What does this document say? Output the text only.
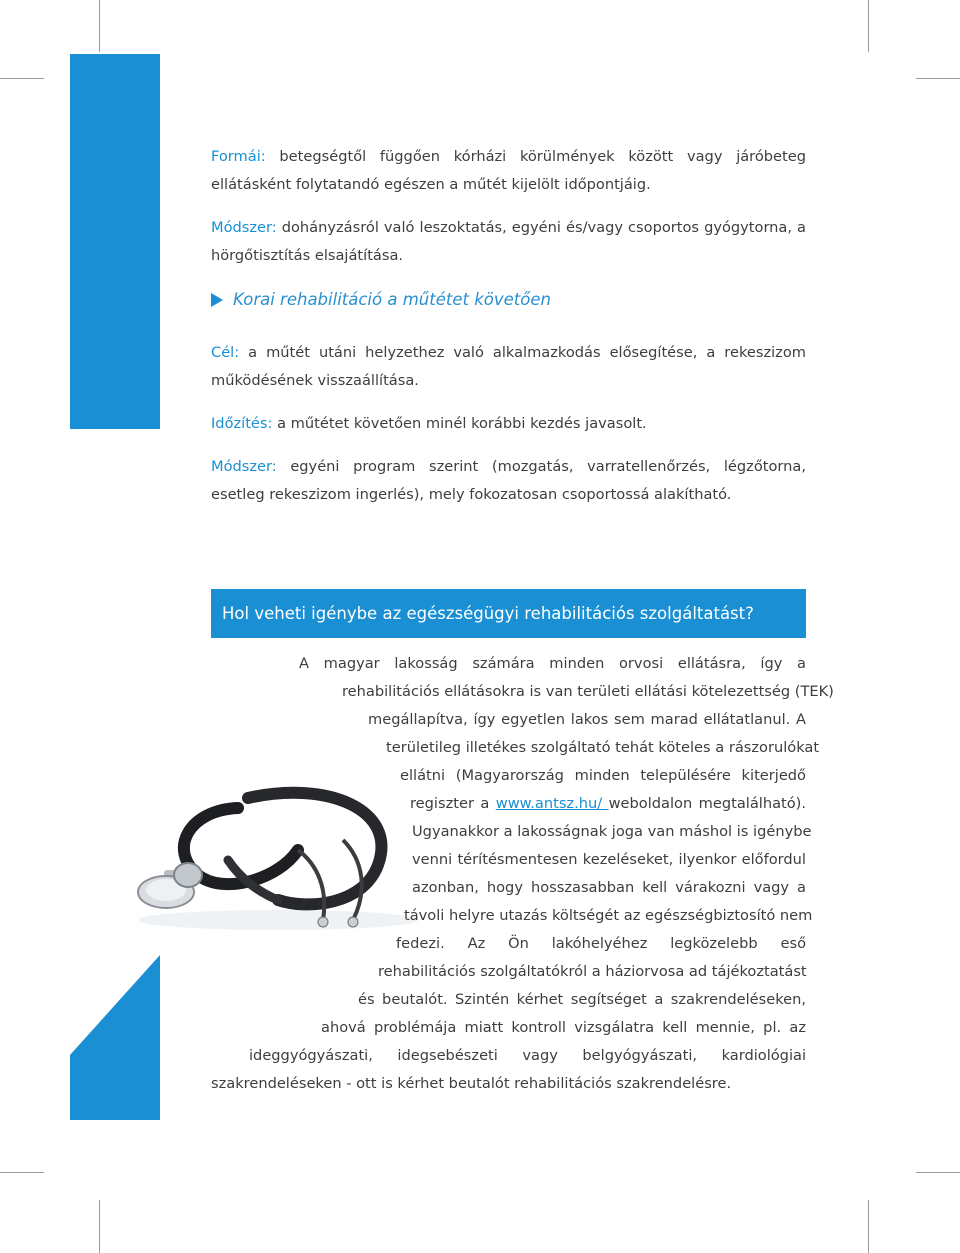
19

Formái: betegségtől függően kórházi körülmények között vagy járóbeteg ellátásként folytatandó egészen a műtét kijelölt időpontjáig.

Módszer: dohányzásról való leszoktatás, egyéni és/vagy csoportos gyógytorna, a hörgőtisztítás elsajátítása.

Korai rehabilitáció a műtétet követően

Cél: a műtét utáni helyzethez való alkalmazkodás elősegítése, a rekeszizom működésének visszaállítása.

Időzítés: a műtétet követően minél korábbi kezdés javasolt.

Módszer: egyéni program szerint (mozgatás, varratellenőrzés, légzőtorna, esetleg rekeszizom ingerlés), mely fokozatosan csoportossá alakítható.

Hol veheti igénybe az egészségügyi rehabilitációs szolgáltatást?
A magyar lakosság számára minden orvosi ellátásra, így a
rehabilitációs ellátásokra is van területi ellátási kötelezettség (TEK)
megállapítva, így egyetlen lakos sem marad ellátatlanul. A
területileg illetékes szolgáltató tehát köteles a rászorulókat
ellátni (Magyarország minden településére kiterjedő
regiszter a www.antsz.hu/ weboldalon megtalálható).
Ugyanakkor a lakosságnak joga van máshol is igénybe
venni térítésmentesen kezeléseket, ilyenkor előfordul
azonban, hogy hosszasabban kell várakozni vagy a
távoli helyre utazás költségét az egészségbiztosító nem
fedezi. Az Ön lakóhelyéhez legközelebb eső
rehabilitációs szolgáltatókról a háziorvosa ad tájékoztatást
és beutalót. Szintén kérhet segítséget a szakrendeléseken,
ahová problémája miatt kontroll vizsgálatra kell mennie, pl. az
ideggyógyászati, idegsebészeti vagy belgyógyászati, kardiológiai
szakrendeléseken - ott is kérhet beutalót rehabilitációs szakrendelésre.
